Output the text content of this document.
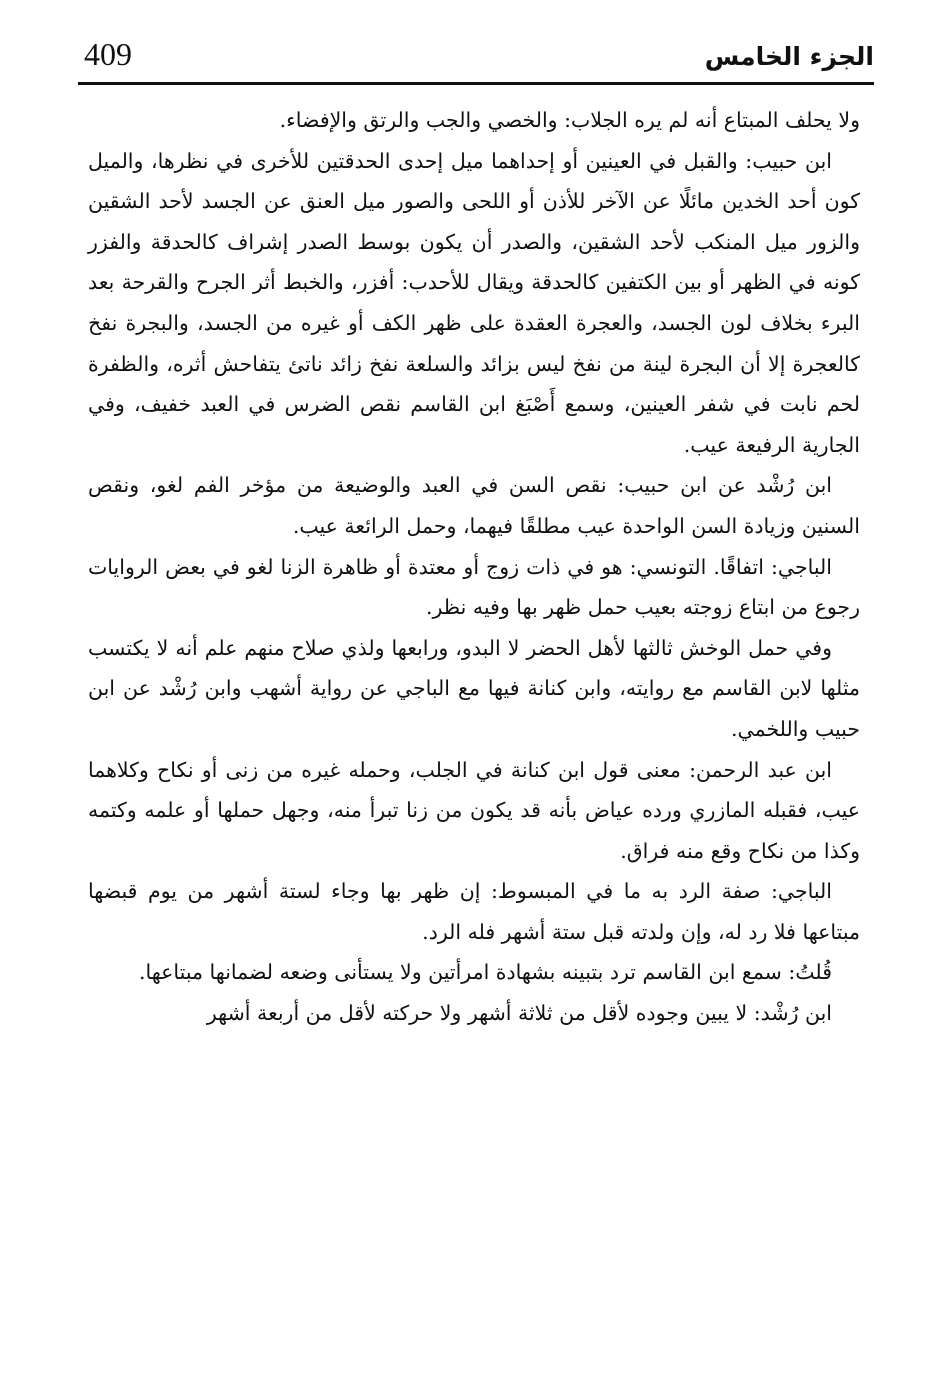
409	الجزء الخامس

ولا يحلف المبتاع أنه لم يره الجلاب: والخصي والجب والرتق والإفضاء.

ابن حبيب: والقبل في العينين أو إحداهما ميل إحدى الحدقتين للأخرى في نظرها، والميل كون أحد الخدين مائلًا عن الآخر للأذن أو اللحى والصور ميل العنق عن الجسد لأحد الشقين والزور ميل المنكب لأحد الشقين، والصدر أن يكون بوسط الصدر إشراف كالحدقة والفزر كونه في الظهر أو بين الكتفين كالحدقة ويقال للأحدب: أفزر، والخبط أثر الجرح والقرحة بعد البرء بخلاف لون الجسد، والعجرة العقدة على ظهر الكف أو غيره من الجسد، والبجرة نفخ كالعجرة إلا أن البجرة لينة من نفخ ليس بزائد والسلعة نفخ زائد ناتئ يتفاحش أثره، والظفرة لحم نابت في شفر العينين، وسمع أَصْبَغ ابن القاسم نقص الضرس في العبد خفيف، وفي الجارية الرفيعة عيب.

ابن رُشْد عن ابن حبيب: نقص السن في العبد والوضيعة من مؤخر الفم لغو، ونقص السنين وزيادة السن الواحدة عيب مطلقًا فيهما، وحمل الرائعة عيب.

الباجي: اتفاقًا. التونسي: هو في ذات زوج أو معتدة أو ظاهرة الزنا لغو في بعض الروايات رجوع من ابتاع زوجته بعيب حمل ظهر بها وفيه نظر.

وفي حمل الوخش ثالثها لأهل الحضر لا البدو، ورابعها ولذي صلاح منهم علم أنه لا يكتسب مثلها لابن القاسم مع روايته، وابن كنانة فيها مع الباجي عن رواية أشهب وابن رُشْد عن ابن حبيب واللخمي.

ابن عبد الرحمن: معنى قول ابن كنانة في الجلب، وحمله غيره من زنى أو نكاح وكلاهما عيب، فقبله المازري ورده عياض بأنه قد يكون من زنا تبرأ منه، وجهل حملها أو علمه وكتمه وكذا من نكاح وقع منه فراق.

الباجي: صفة الرد به ما في المبسوط: إن ظهر بها وجاء لستة أشهر من يوم قبضها مبتاعها فلا رد له، وإن ولدته قبل ستة أشهر فله الرد.

قُلتُ: سمع ابن القاسم ترد بتبينه بشهادة امرأتين ولا يستأنى وضعه لضمانها مبتاعها.

ابن رُشْد: لا يبين وجوده لأقل من ثلاثة أشهر ولا حركته لأقل من أربعة أشهر
